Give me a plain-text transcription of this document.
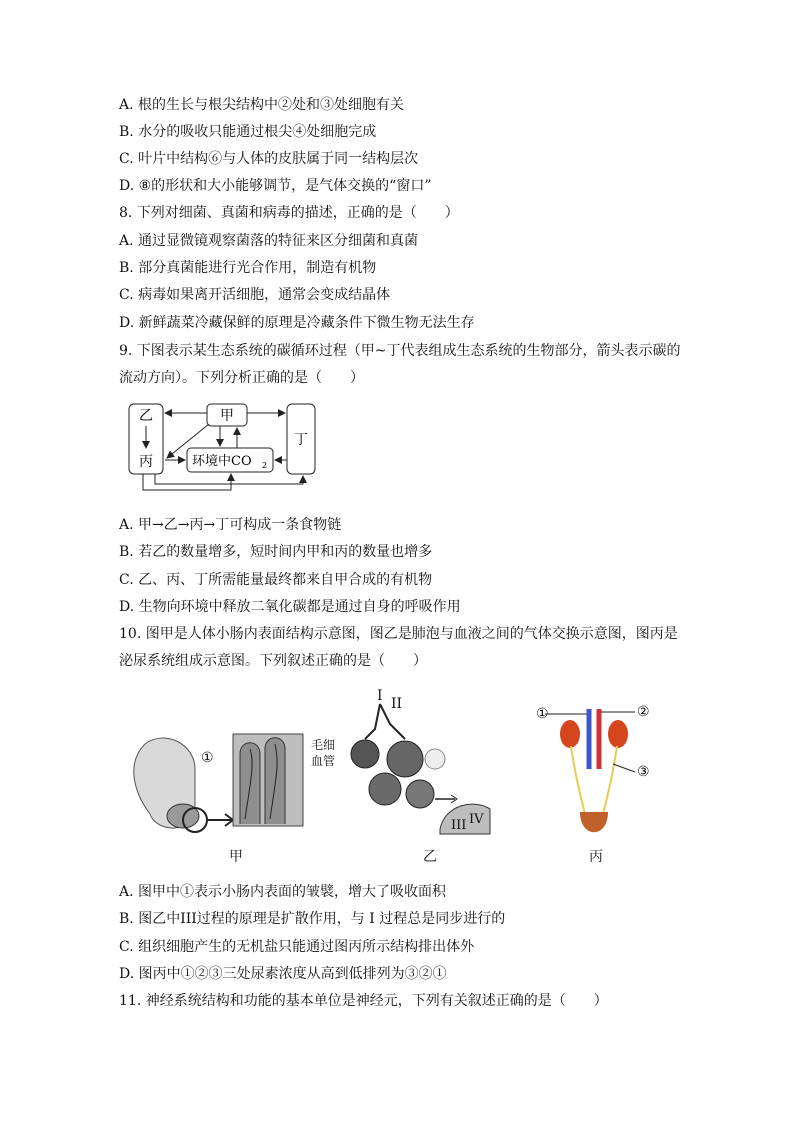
A. 根的生长与根尖结构中②处和③处细胞有关
B. 水分的吸收只能通过根尖④处细胞完成
C. 叶片中结构⑥与人体的皮肤属于同一结构层次
D. ⑧的形状和大小能够调节，是气体交换的“窗口”
8. 下列对细菌、真菌和病毒的描述，正确的是（　　）
A. 通过显微镜观察菌落的特征来区分细菌和真菌
B. 部分真菌能进行光合作用，制造有机物
C. 病毒如果离开活细胞，通常会变成结晶体
D. 新鲜蔬菜冷藏保鲜的原理是冷藏条件下微生物无法生存
9. 下图表示某生态系统的碳循环过程（甲~丁代表组成生态系统的生物部分，箭头表示碳的
流动方向）。下列分析正确的是（　　）
乙
丙
甲
丁
环境中CO 2
A. 甲→乙→丙→丁可构成一条食物链
B. 若乙的数量增多，短时间内甲和丙的数量也增多
C. 乙、丙、丁所需能量最终都来自甲合成的有机物
D. 生物向环境中释放二氧化碳都是通过自身的呼吸作用
10. 图甲是人体小肠内表面结构示意图，图乙是肺泡与血液之间的气体交换示意图，图丙是
泌尿系统组成示意图。下列叙述正确的是（　　）
①
毛细
血管
甲
I II
III IV
乙
①	②
③
丙
A. 图甲中①表示小肠内表面的皱襞，增大了吸收面积
B. 图乙中III过程的原理是扩散作用，与 I 过程总是同步进行的
C. 组织细胞产生的无机盐只能通过图丙所示结构排出体外
D. 图丙中①②③三处尿素浓度从高到低排列为③②①
11. 神经系统结构和功能的基本单位是神经元，下列有关叙述正确的是（　　）
